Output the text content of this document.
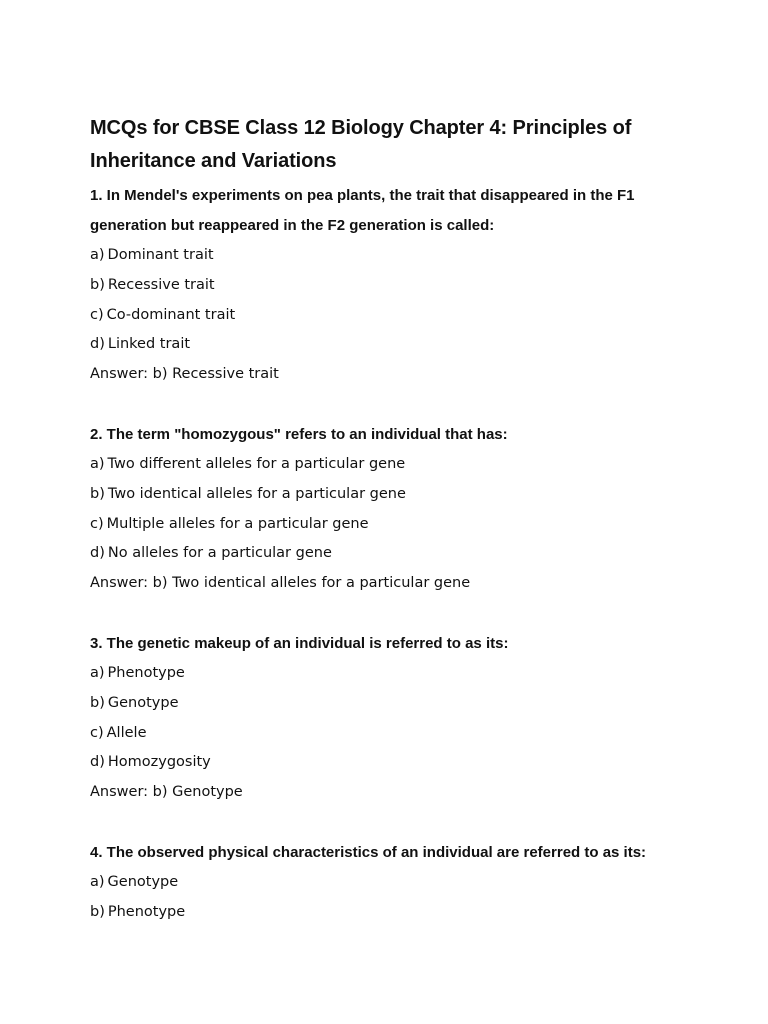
MCQs for CBSE Class 12 Biology Chapter 4: Principles of Inheritance and Variations

1. In Mendel's experiments on pea plants, the trait that disappeared in the F1 generation but reappeared in the F2 generation is called:

a) Dominant trait

b) Recessive trait

c) Co-dominant trait

d) Linked trait

Answer: b) Recessive trait

2. The term "homozygous" refers to an individual that has:

a) Two different alleles for a particular gene

b) Two identical alleles for a particular gene

c) Multiple alleles for a particular gene

d) No alleles for a particular gene

Answer: b) Two identical alleles for a particular gene

3. The genetic makeup of an individual is referred to as its:

a) Phenotype

b) Genotype

c) Allele

d) Homozygosity

Answer: b) Genotype

4. The observed physical characteristics of an individual are referred to as its:

a) Genotype

b) Phenotype
